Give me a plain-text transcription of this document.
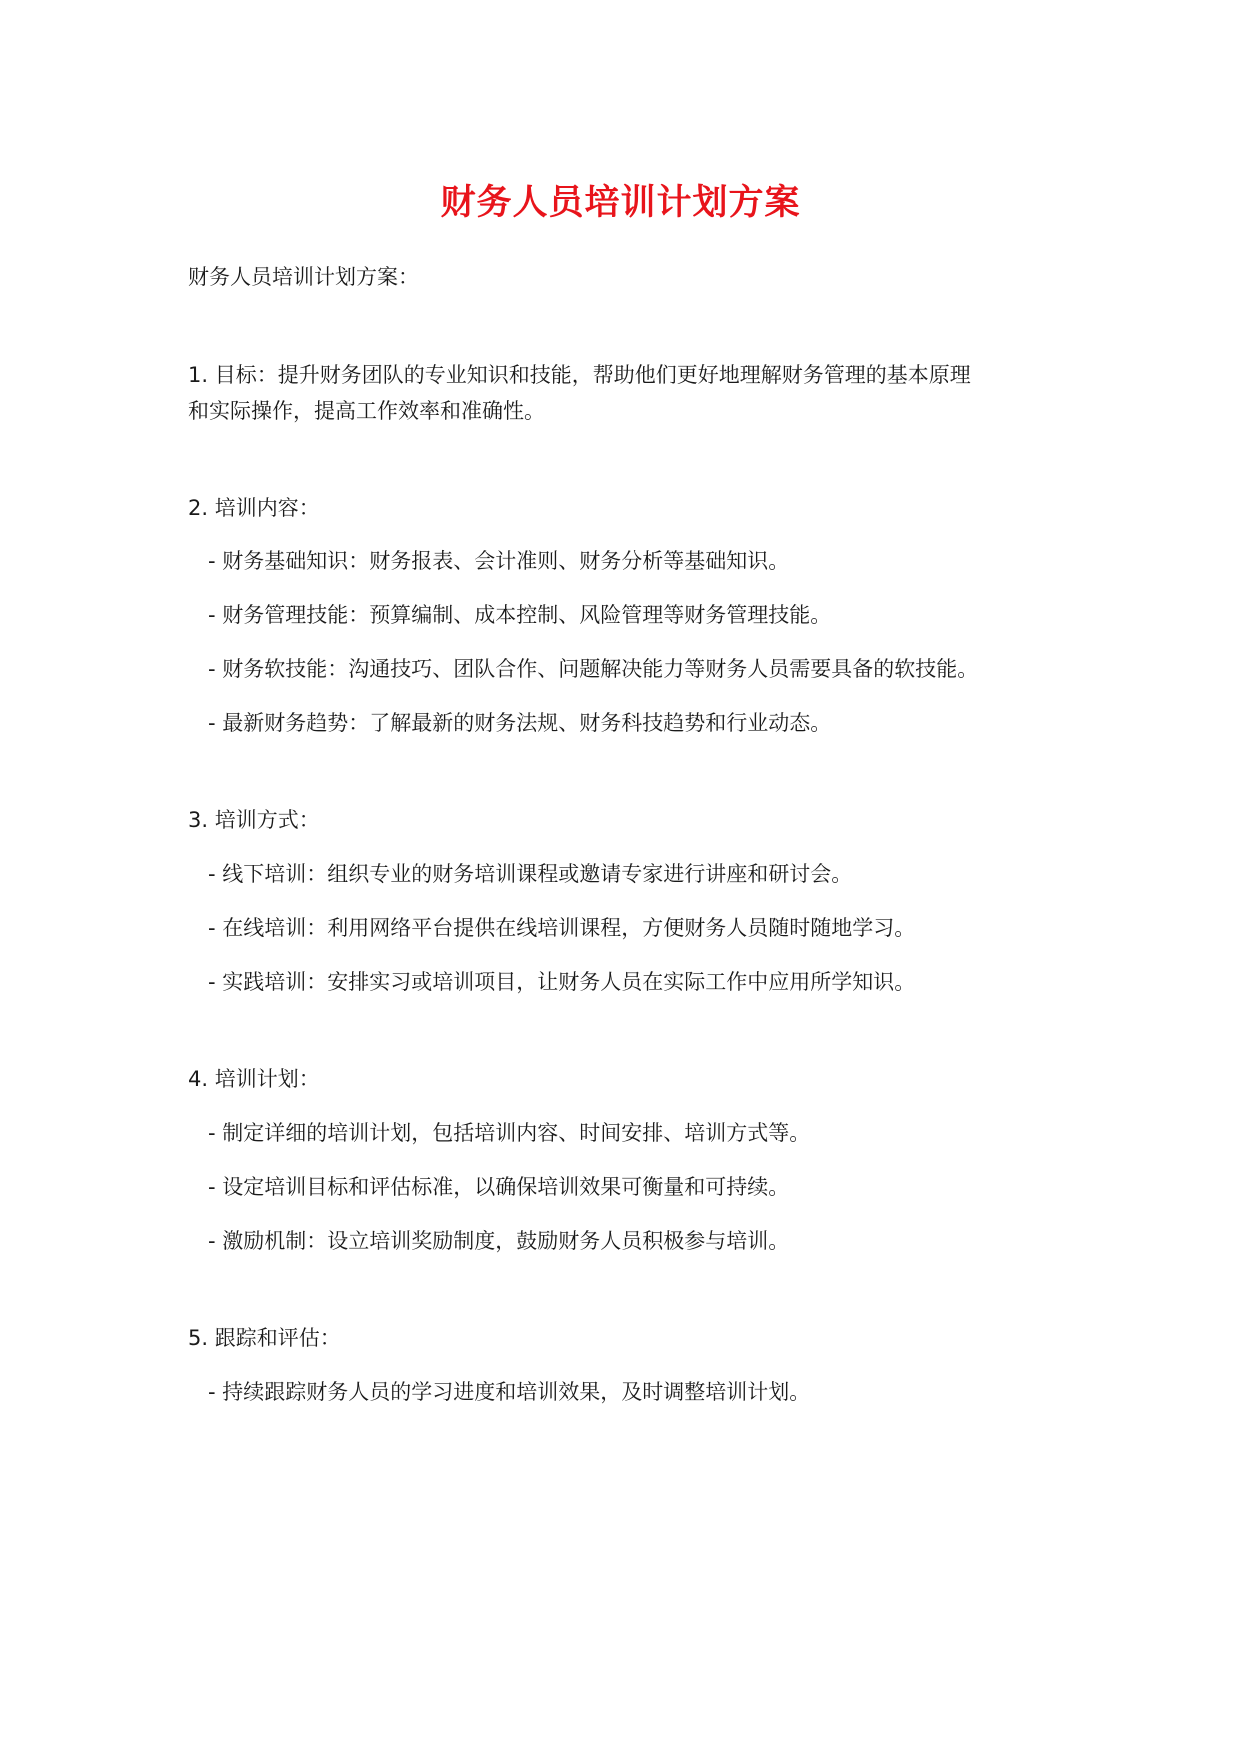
财务人员培训计划方案
财务人员培训计划方案：
1. 目标：提升财务团队的专业知识和技能，帮助他们更好地理解财务管理的基本原理
和实际操作，提高工作效率和准确性。
2. 培训内容：
- 财务基础知识：财务报表、会计准则、财务分析等基础知识。
- 财务管理技能：预算编制、成本控制、风险管理等财务管理技能。
- 财务软技能：沟通技巧、团队合作、问题解决能力等财务人员需要具备的软技能。
- 最新财务趋势：了解最新的财务法规、财务科技趋势和行业动态。
3. 培训方式：
- 线下培训：组织专业的财务培训课程或邀请专家进行讲座和研讨会。
- 在线培训：利用网络平台提供在线培训课程，方便财务人员随时随地学习。
- 实践培训：安排实习或培训项目，让财务人员在实际工作中应用所学知识。
4. 培训计划：
- 制定详细的培训计划，包括培训内容、时间安排、培训方式等。
- 设定培训目标和评估标准，以确保培训效果可衡量和可持续。
- 激励机制：设立培训奖励制度，鼓励财务人员积极参与培训。
5. 跟踪和评估：
- 持续跟踪财务人员的学习进度和培训效果，及时调整培训计划。
